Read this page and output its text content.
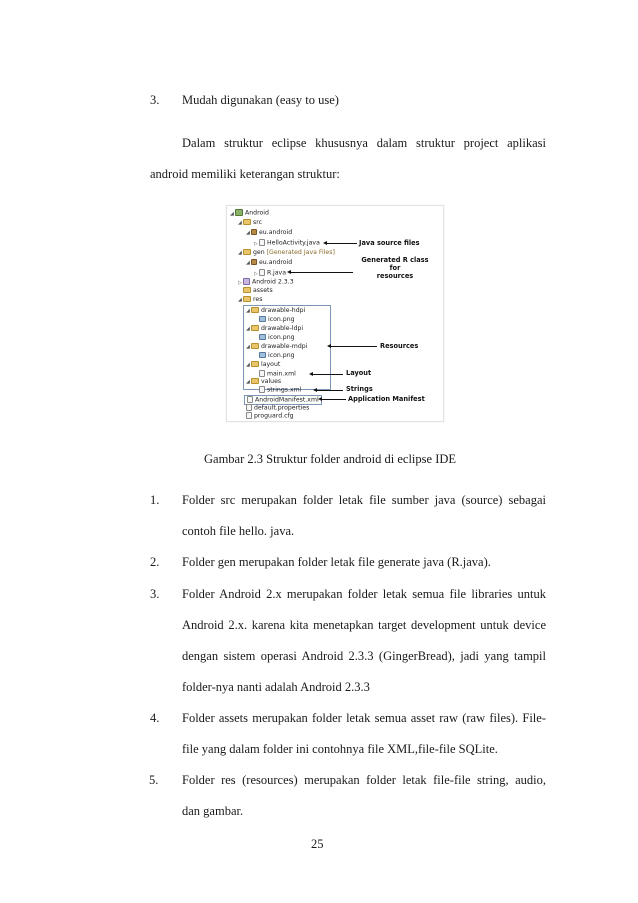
3. Mudah digunakan (easy to use)
Dalam struktur eclipse khususnya dalam struktur project aplikasi
android memiliki keterangan struktur:
◢ Android
◢ src
◢ eu.android
▷ HelloActivity.java
◢ gen [Generated Java Files]
◢ eu.android
▷ R.java
▷ Android 2.3.3
assets
◢ res
◢ drawable-hdpi
icon.png
◢ drawable-ldpi
icon.png
◢ drawable-mdpi
icon.png
◢ layout
main.xml
◢ values
strings.xml
AndroidManifest.xml
default.properties
proguard.cfg
Java source files
Generated R class for
resources
Resources
Layout
Strings
Application Manifest
Gambar 2.3 Struktur folder android di eclipse IDE
1. Folder src merupakan folder letak file sumber java (source) sebagai
contoh file hello. java.
2. Folder gen merupakan folder letak file generate java (R.java).
3. Folder Android 2.x merupakan folder letak semua file libraries untuk
Android 2.x. karena kita menetapkan target development untuk device
dengan sistem operasi Android 2.3.3 (GingerBread), jadi yang tampil
folder-nya nanti adalah Android 2.3.3
4. Folder assets merupakan folder letak semua asset raw (raw files). File-
file yang dalam folder ini contohnya file XML,file-file SQLite.
5. Folder res (resources) merupakan folder letak file-file string, audio,
dan gambar.
25
